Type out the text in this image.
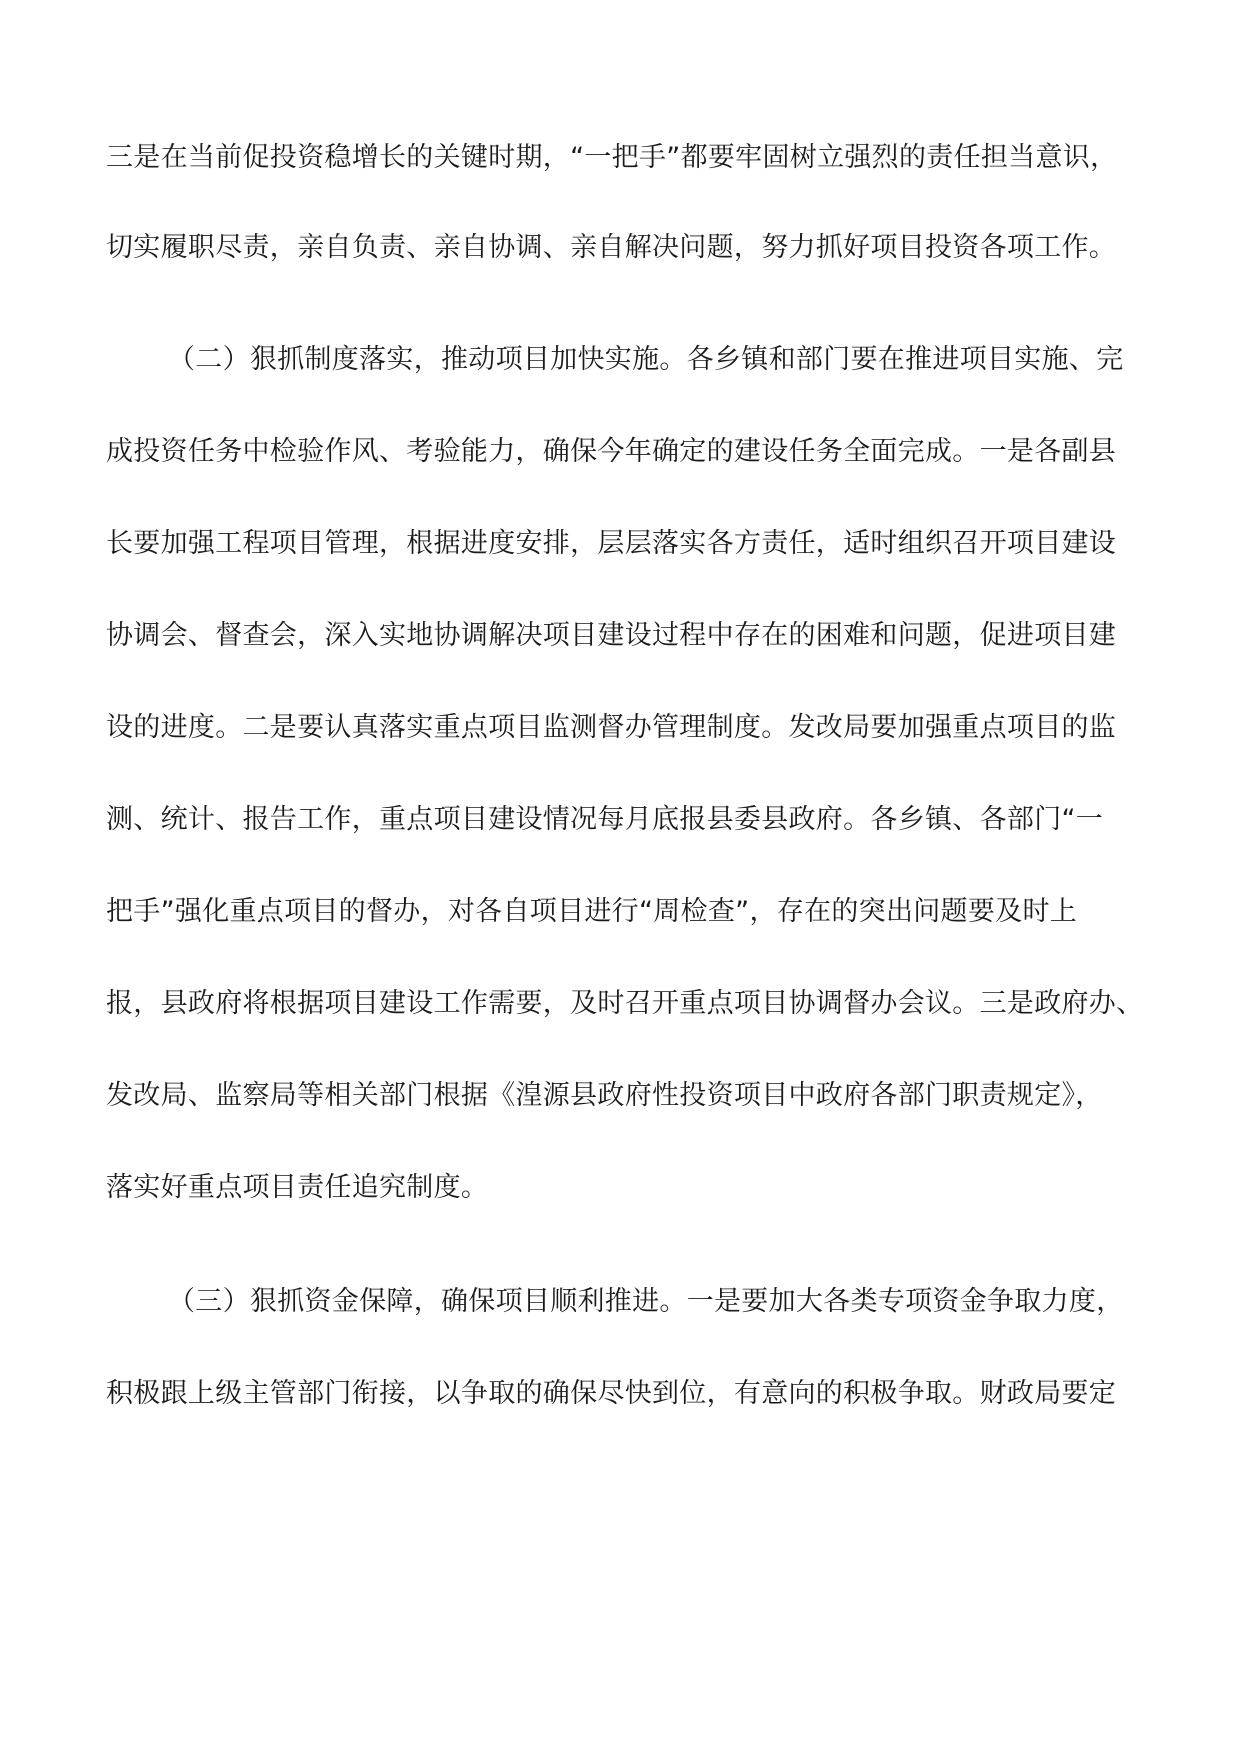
三是在当前促投资稳增长的关键时期，“一把手”都要牢固树立强烈的责任担当意识，
切实履职尽责，亲自负责、亲自协调、亲自解决问题，努力抓好项目投资各项工作。
（二）狠抓制度落实，推动项目加快实施。各乡镇和部门要在推进项目实施、完
成投资任务中检验作风、考验能力，确保今年确定的建设任务全面完成。一是各副县
长要加强工程项目管理，根据进度安排，层层落实各方责任，适时组织召开项目建设
协调会、督查会，深入实地协调解决项目建设过程中存在的困难和问题，促进项目建
设的进度。二是要认真落实重点项目监测督办管理制度。发改局要加强重点项目的监
测、统计、报告工作，重点项目建设情况每月底报县委县政府。各乡镇、各部门“一
把手”强化重点项目的督办，对各自项目进行“周检查”，存在的突出问题要及时上
报，县政府将根据项目建设工作需要，及时召开重点项目协调督办会议。三是政府办、
发改局、监察局等相关部门根据《湟源县政府性投资项目中政府各部门职责规定》，
落实好重点项目责任追究制度。
（三）狠抓资金保障，确保项目顺利推进。一是要加大各类专项资金争取力度，
积极跟上级主管部门衔接，以争取的确保尽快到位，有意向的积极争取。财政局要定
